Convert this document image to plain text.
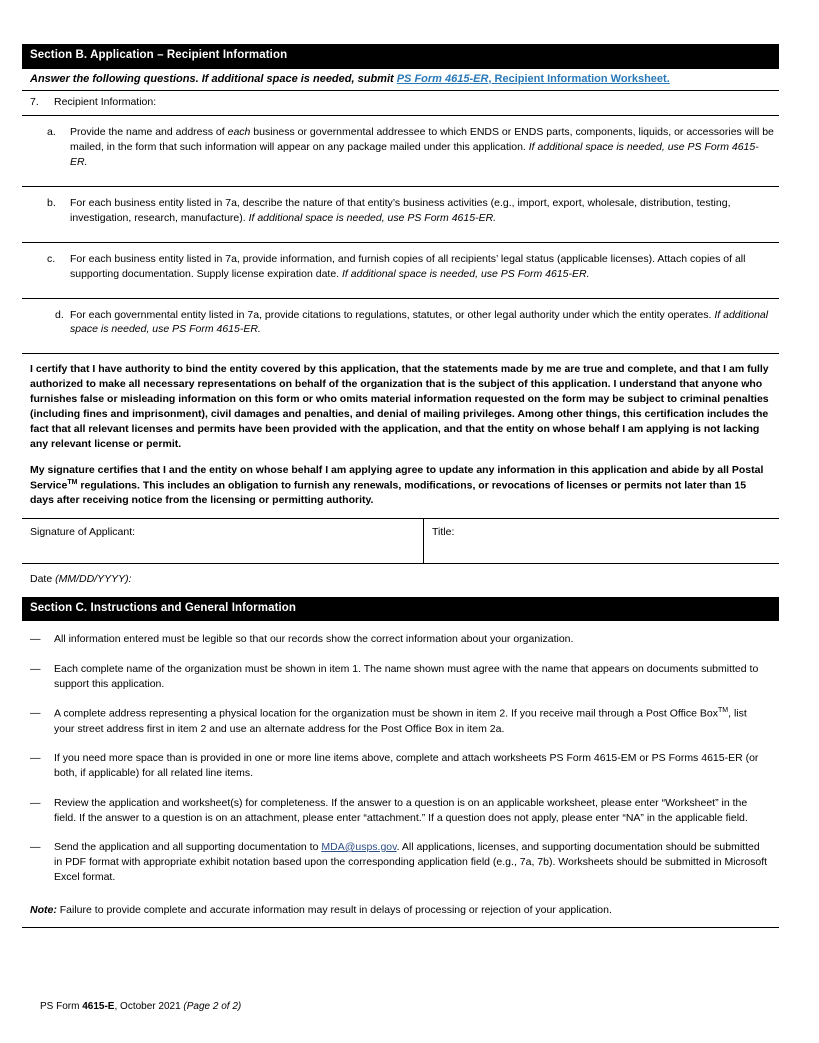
Section B. Application – Recipient Information
Answer the following questions. If additional space is needed, submit PS Form 4615-ER, Recipient Information Worksheet.
7.	Recipient Information:
a.	Provide the name and address of each business or governmental addressee to which ENDS or ENDS parts, components, liquids, or accessories will be mailed, in the form that such information will appear on any package mailed under this application. If additional space is needed, use PS Form 4615-ER.
b.	For each business entity listed in 7a, describe the nature of that entity’s business activities (e.g., import, export, wholesale, distribution, testing, investigation, research, manufacture). If additional space is needed, use PS Form 4615-ER.
c.	For each business entity listed in 7a, provide information, and furnish copies of all recipients’ legal status (applicable licenses). Attach copies of all supporting documentation. Supply license expiration date. If additional space is needed, use PS Form 4615-ER.
d. For each governmental entity listed in 7a, provide citations to regulations, statutes, or other legal authority under which the entity operates. If additional space is needed, use PS Form 4615-ER.

I certify that I have authority to bind the entity covered by this application, that the statements made by me are true and complete, and that I am fully authorized to make all necessary representations on behalf of the organization that is the subject of this application. I understand that anyone who furnishes false or misleading information on this form or who omits material information requested on the form may be subject to criminal penalties (including fines and imprisonment), civil damages and penalties, and denial of mailing privileges. Among other things, this certification includes the fact that all relevant licenses and permits have been provided with the application, and that the entity on whose behalf I am applying is not lacking any relevant license or permit.

My signature certifies that I and the entity on whose behalf I am applying agree to update any information in this application and abide by all Postal Service™ regulations. This includes an obligation to furnish any renewals, modifications, or revocations of licenses or permits not later than 15 days after receiving notice from the licensing or permitting authority.

Signature of Applicant:	Title:
Date (MM/DD/YYYY):
Section C. Instructions and General Information
—	All information entered must be legible so that our records show the correct information about your organization.
—	Each complete name of the organization must be shown in item 1. The name shown must agree with the name that appears on documents submitted to support this application.
—	A complete address representing a physical location for the organization must be shown in item 2. If you receive mail through a Post Office Box™, list your street address first in item 2 and use an alternate address for the Post Office Box in item 2a.
—	If you need more space than is provided in one or more line items above, complete and attach worksheets PS Form 4615-EM or PS Forms 4615-ER (or both, if applicable) for all related line items.
—	Review the application and worksheet(s) for completeness. If the answer to a question is on an applicable worksheet, please enter “Worksheet” in the field. If the answer to a question is on an attachment, please enter “attachment.” If a question does not apply, please enter “NA” in the applicable field.
—	Send the application and all supporting documentation to MDA@usps.gov. All applications, licenses, and supporting documentation should be submitted in PDF format with appropriate exhibit notation based upon the corresponding application field (e.g., 7a, 7b). Worksheets should be submitted in Microsoft Excel format.
Note: Failure to provide complete and accurate information may result in delays of processing or rejection of your application.
PS Form 4615-E, October 2021 (Page 2 of 2)
